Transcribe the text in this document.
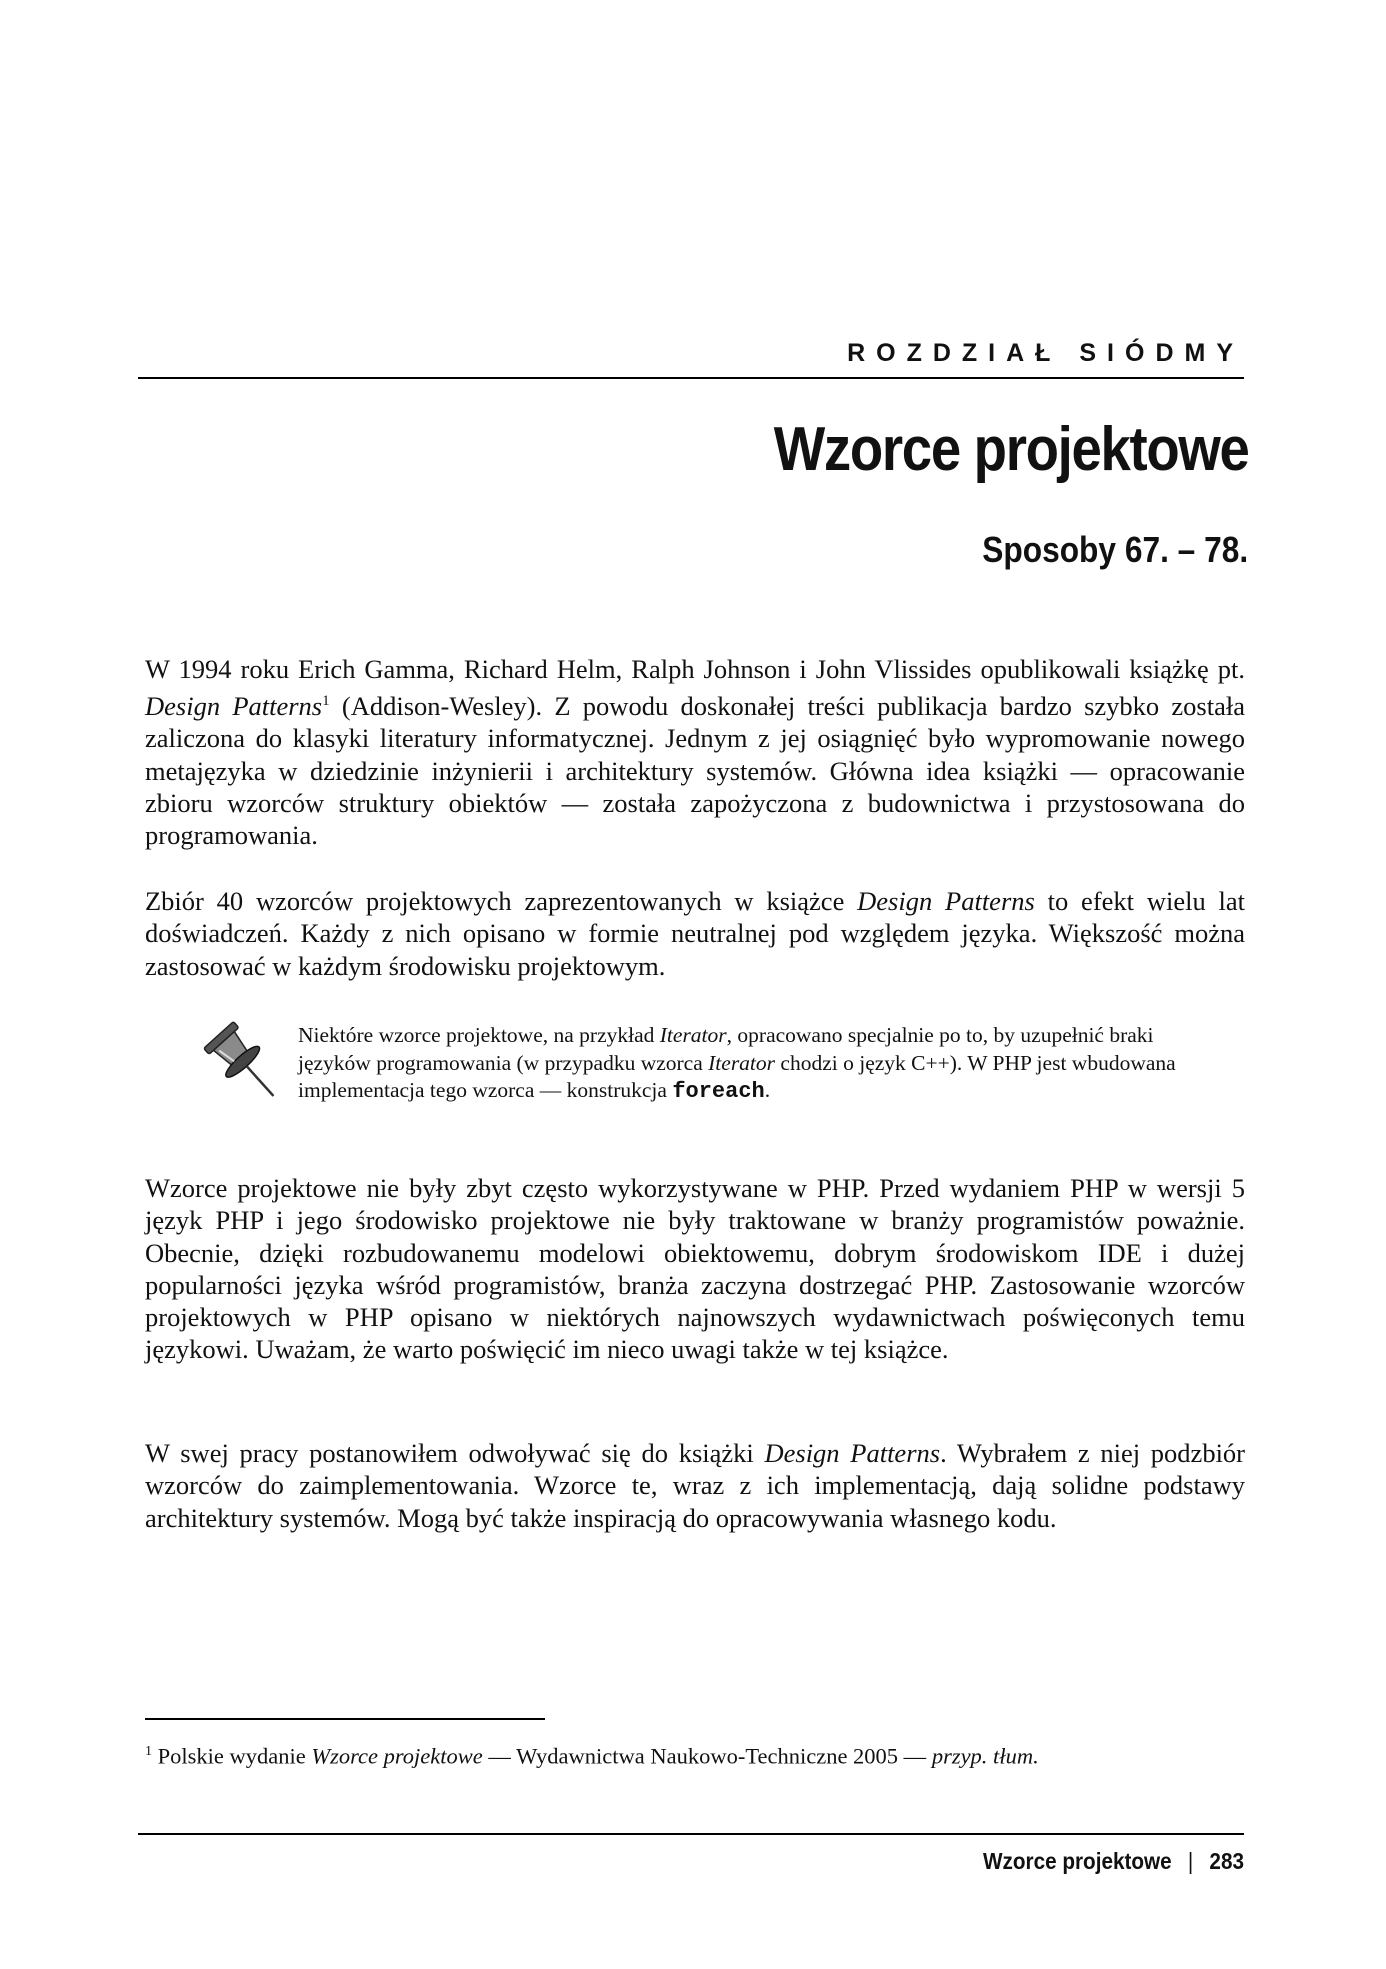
ROZDZIAŁ SIÓDMY
Wzorce projektowe
Sposoby 67. – 78.

W 1994 roku Erich Gamma, Richard Helm, Ralph Johnson i John Vlissides opublikowali książkę pt. Design Patterns$^1$ (Addison-Wesley). Z powodu doskonałej treści publikacja bardzo szybko została zaliczona do klasyki literatury informatycznej. Jednym z jej osiągnięć było wypromowanie nowego metajęzyka w dziedzinie inżynierii i architektury systemów. Główna idea książki — opracowanie zbioru wzorców struktury obiektów — została zapożyczona z budownictwa i przystosowana do programowania.

Zbiór 40 wzorców projektowych zaprezentowanych w książce Design Patterns to efekt wielu lat doświadczeń. Każdy z nich opisano w formie neutralnej pod względem języka. Większość można zastosować w każdym środowisku projektowym.

Niektóre wzorce projektowe, na przykład Iterator, opracowano specjalnie po to, by uzupełnić braki języków programowania (w przypadku wzorca Iterator chodzi o język C++). W PHP jest wbudowana implementacja tego wzorca — konstrukcja foreach.

Wzorce projektowe nie były zbyt często wykorzystywane w PHP. Przed wydaniem PHP w wersji 5 język PHP i jego środowisko projektowe nie były traktowane w branży programistów poważnie. Obecnie, dzięki rozbudowanemu modelowi obiektowemu, dobrym środowiskom IDE i dużej popularności języka wśród programistów, branża zaczyna dostrzegać PHP. Zastosowanie wzorców projektowych w PHP opisano w niektórych najnowszych wydawnictwach poświęconych temu językowi. Uważam, że warto poświęcić im nieco uwagi także w tej książce.

W swej pracy postanowiłem odwoływać się do książki Design Patterns. Wybrałem z niej podzbiór wzorców do zaimplementowania. Wzorce te, wraz z ich implementacją, dają solidne podstawy architektury systemów. Mogą być także inspiracją do opracowywania własnego kodu.

$^1$ Polskie wydanie Wzorce projektowe — Wydawnictwa Naukowo-Techniczne 2005 — przyp. tłum.

Wzorce projektowe | 283
